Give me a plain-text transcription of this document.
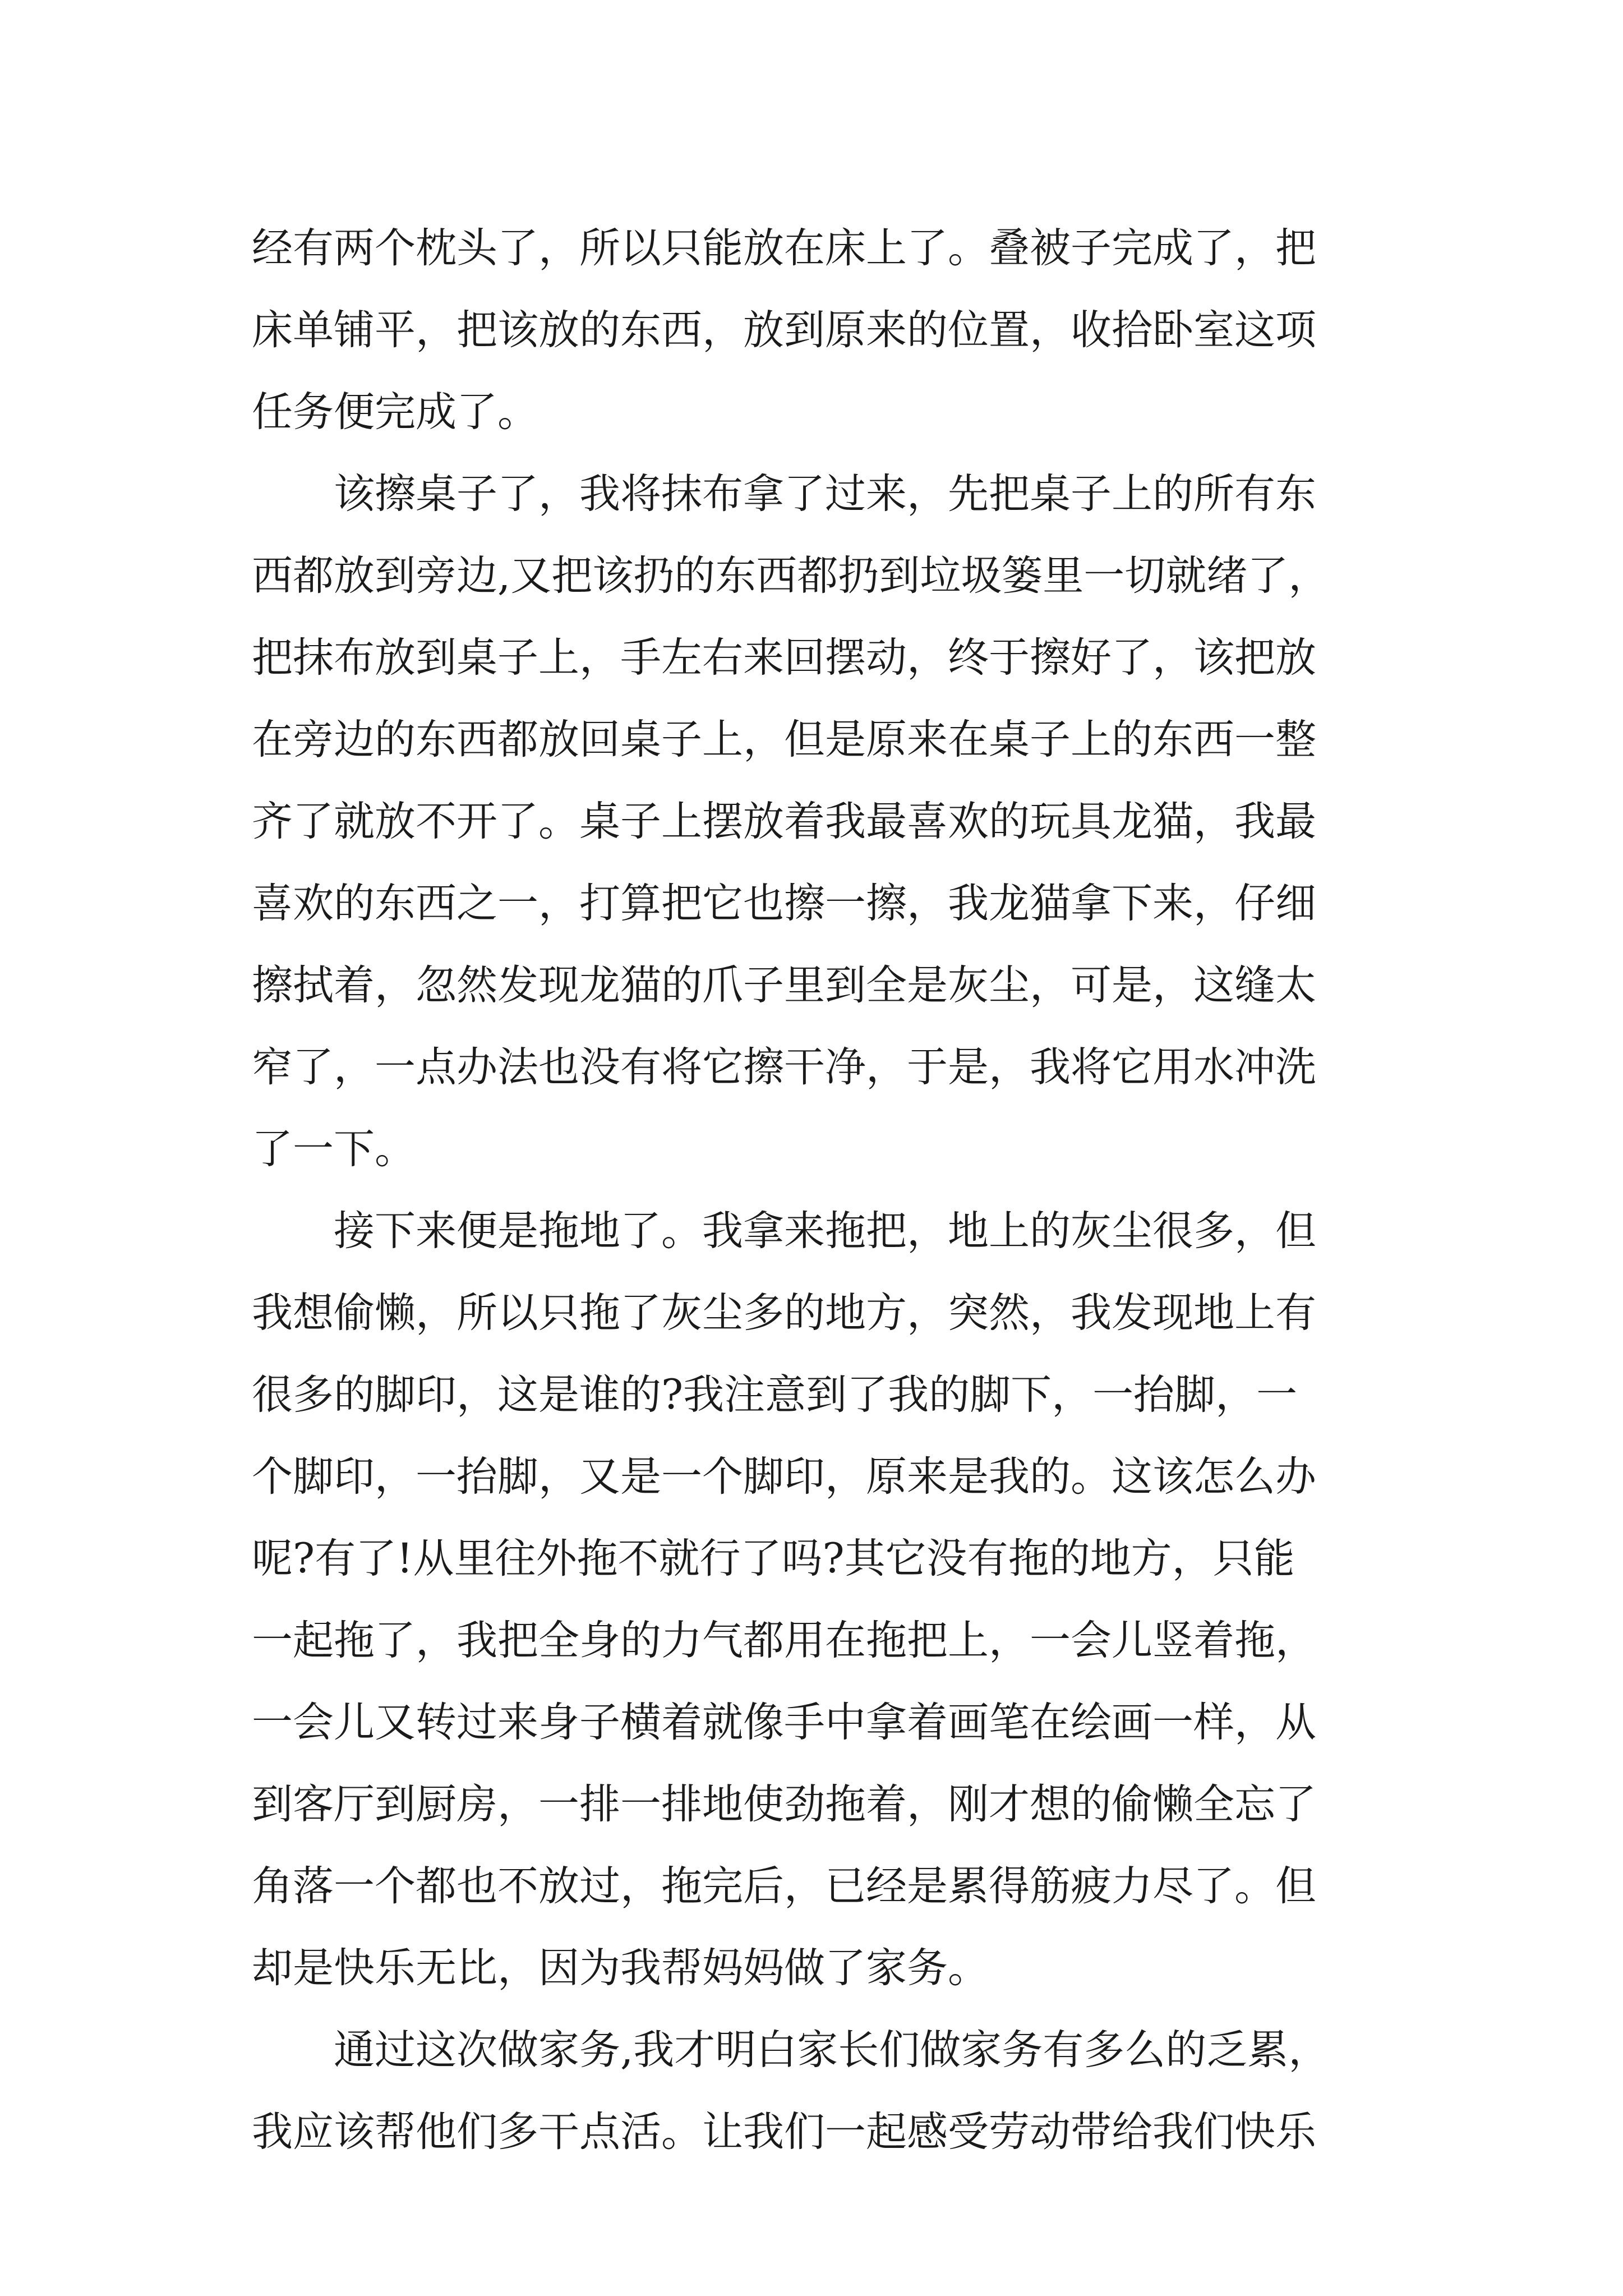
经有两个枕头了，所以只能放在床上了。叠被子完成了，把
床单铺平，把该放的东西，放到原来的位置，收拾卧室这项
任务便完成了。
　　该擦桌子了，我将抹布拿了过来，先把桌子上的所有东
西都放到旁边,又把该扔的东西都扔到垃圾篓里一切就绪了，
把抹布放到桌子上，手左右来回摆动，终于擦好了，该把放
在旁边的东西都放回桌子上，但是原来在桌子上的东西一整
齐了就放不开了。桌子上摆放着我最喜欢的玩具龙猫，我最
喜欢的东西之一，打算把它也擦一擦，我龙猫拿下来，仔细
擦拭着，忽然发现龙猫的爪子里到全是灰尘，可是，这缝太
窄了，一点办法也没有将它擦干净，于是，我将它用水冲洗
了一下。
　　接下来便是拖地了。我拿来拖把，地上的灰尘很多，但
我想偷懒，所以只拖了灰尘多的地方，突然，我发现地上有
很多的脚印，这是谁的?我注意到了我的脚下，一抬脚，一
个脚印，一抬脚，又是一个脚印，原来是我的。这该怎么办
呢?有了!从里往外拖不就行了吗?其它没有拖的地方，只能
一起拖了，我把全身的力气都用在拖把上，一会儿竖着拖，
一会儿又转过来身子横着就像手中拿着画笔在绘画一样，从
到客厅到厨房，一排一排地使劲拖着，刚才想的偷懒全忘了
角落一个都也不放过，拖完后，已经是累得筋疲力尽了。但
却是快乐无比，因为我帮妈妈做了家务。
　　通过这次做家务,我才明白家长们做家务有多么的乏累，
我应该帮他们多干点活。让我们一起感受劳动带给我们快乐
